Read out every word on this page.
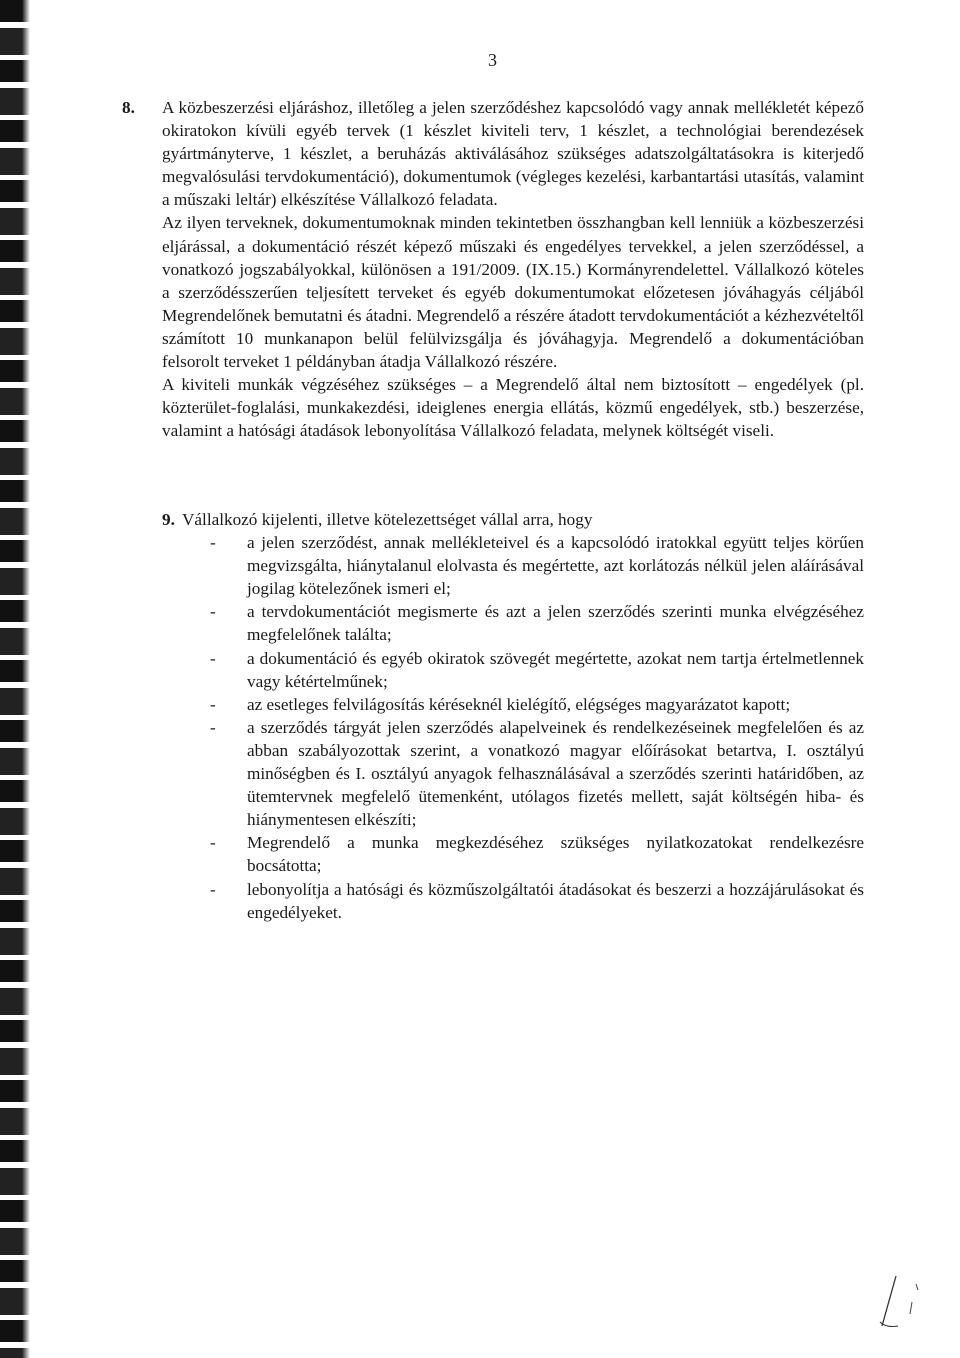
3

8. A közbeszerzési eljáráshoz, illetőleg a jelen szerződéshez kapcsolódó vagy annak mellékletét képező okiratokon kívüli egyéb tervek (1 készlet kiviteli terv, 1 készlet, a technológiai berendezések gyártmányterve, 1 készlet, a beruházás aktiválásához szükséges adatszolgáltatásokra is kiterjedő megvalósulási tervdokumentáció), dokumentumok (végleges kezelési, karbantartási utasítás, valamint a műszaki leltár) elkészítése Vállalkozó feladata.

Az ilyen terveknek, dokumentumoknak minden tekintetben összhangban kell lenniük a közbeszerzési eljárással, a dokumentáció részét képező műszaki és engedélyes tervekkel, a jelen szerződéssel, a vonatkozó jogszabályokkal, különösen a 191/2009. (IX.15.) Kormányrendelettel. Vállalkozó köteles a szerződésszerűen teljesített terveket és egyéb dokumentumokat előzetesen jóváhagyás céljából Megrendelőnek bemutatni és átadni. Megrendelő a részére átadott tervdokumentációt a kézhezvételtől számított 10 munkanapon belül felülvizsgálja és jóváhagyja. Megrendelő a dokumentációban felsorolt terveket 1 példányban átadja Vállalkozó részére.

A kiviteli munkák végzéséhez szükséges – a Megrendelő által nem biztosított – engedélyek (pl. közterület-foglalási, munkakezdési, ideiglenes energia ellátás, közmű engedélyek, stb.) beszerzése, valamint a hatósági átadások lebonyolítása Vállalkozó feladata, melynek költségét viseli.

9. Vállalkozó kijelenti, illetve kötelezettséget vállal arra, hogy

- a jelen szerződést, annak mellékleteivel és a kapcsolódó iratokkal együtt teljes körűen megvizsgálta, hiánytalanul elolvasta és megértette, azt korlátozás nélkül jelen aláírásával jogilag kötelezőnek ismeri el;
- a tervdokumentációt megismerte és azt a jelen szerződés szerinti munka elvégzéséhez megfelelőnek találta;
- a dokumentáció és egyéb okiratok szövegét megértette, azokat nem tartja értelmetlennek vagy kétértelműnek;
- az esetleges felvilágosítás kéréseknél kielégítő, elégséges magyarázatot kapott;
- a szerződés tárgyát jelen szerződés alapelveinek és rendelkezéseinek megfelelően és az abban szabályozottak szerint, a vonatkozó magyar előírásokat betartva, I. osztályú minőségben és I. osztályú anyagok felhasználásával a szerződés szerinti határidőben, az ütemtervnek megfelelő ütemenként, utólagos fizetés mellett, saját költségén hiba- és hiánymentesen elkészíti;
- Megrendelő a munka megkezdéséhez szükséges nyilatkozatokat rendelkezésre bocsátotta;
- lebonyolítja a hatósági és közműszolgáltatói átadásokat és beszerzi a hozzájárulásokat és engedélyeket.
